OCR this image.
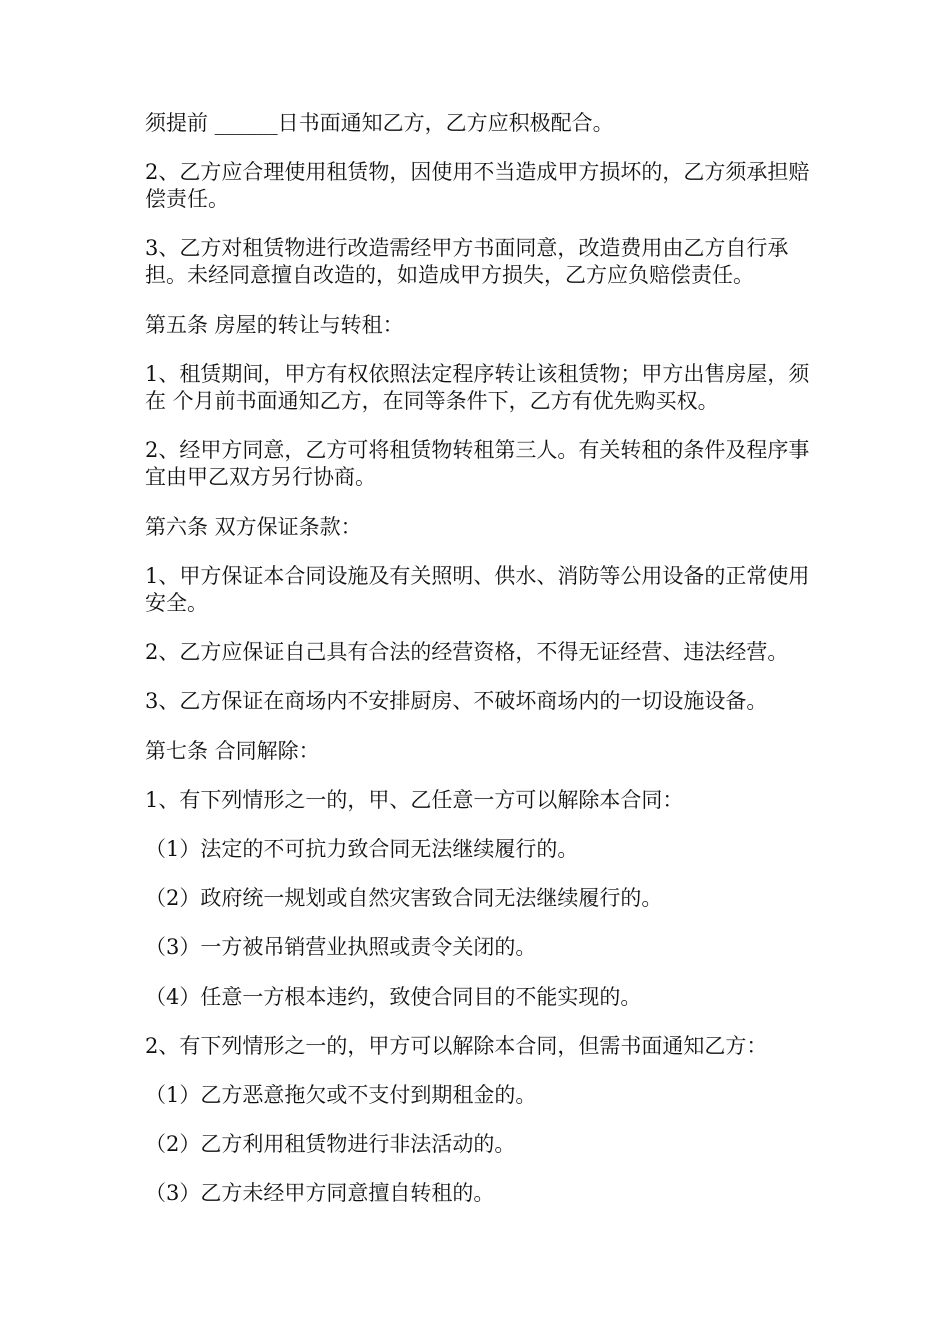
须提前 ______日书面通知乙方，乙方应积极配合。

2、乙方应合理使用租赁物，因使用不当造成甲方损坏的，乙方须承担赔偿责任。

3、乙方对租赁物进行改造需经甲方书面同意，改造费用由乙方自行承担。未经同意擅自改造的，如造成甲方损失，乙方应负赔偿责任。

第五条 房屋的转让与转租：

1、租赁期间，甲方有权依照法定程序转让该租赁物；甲方出售房屋，须在 个月前书面通知乙方，在同等条件下，乙方有优先购买权。

2、经甲方同意，乙方可将租赁物转租第三人。有关转租的条件及程序事宜由甲乙双方另行协商。

第六条 双方保证条款：

1、甲方保证本合同设施及有关照明、供水、消防等公用设备的正常使用安全。

2、乙方应保证自己具有合法的经营资格，不得无证经营、违法经营。

3、乙方保证在商场内不安排厨房、不破坏商场内的一切设施设备。

第七条 合同解除：

1、有下列情形之一的，甲、乙任意一方可以解除本合同：

（1）法定的不可抗力致合同无法继续履行的。

（2）政府统一规划或自然灾害致合同无法继续履行的。

（3）一方被吊销营业执照或责令关闭的。

（4）任意一方根本违约，致使合同目的不能实现的。

2、有下列情形之一的，甲方可以解除本合同，但需书面通知乙方：

（1）乙方恶意拖欠或不支付到期租金的。

（2）乙方利用租赁物进行非法活动的。

（3）乙方未经甲方同意擅自转租的。
